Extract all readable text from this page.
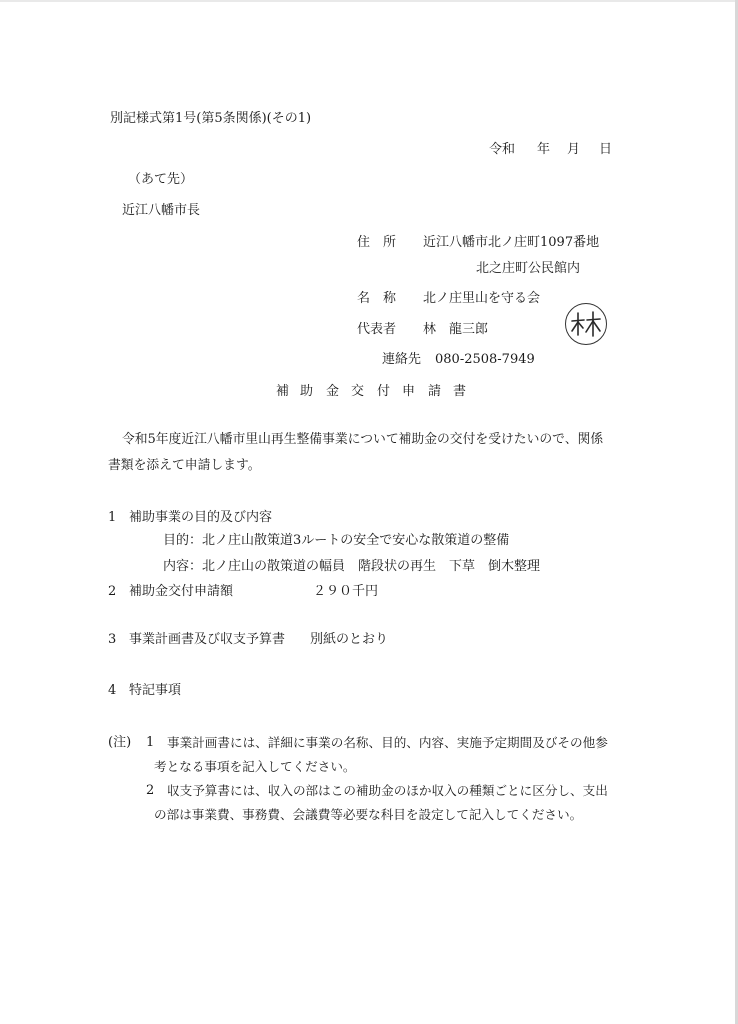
別記様式第1号(第5条関係)(その1)
令和 年 月 日
（あて先）
近江八幡市長
住　所 近江八幡市北ノ庄町1097番地
北之庄町公民館内
名　称 北ノ庄里山を守る会
代表者 林　龍三郎
連絡先 080-2508-7949
補 助 金 交 付 申 請 書
令和5年度近江八幡市里山再生整備事業について補助金の交付を受けたいので、関係
書類を添えて申請します。
1 補助事業の目的及び内容
目的：北ノ庄山散策道3ルートの安全で安心な散策道の整備
内容：北ノ庄山の散策道の幅員　階段状の再生　下草　倒木整理
2 補助金交付申請額	２９０千円
3 事業計画書及び収支予算書 別紙のとおり
4 特記事項
(注) 1 事業計画書には、詳細に事業の名称、目的、内容、実施予定期間及びその他参
考となる事項を記入してください。
2 収支予算書には、収入の部はこの補助金のほか収入の種類ごとに区分し、支出
の部は事業費、事務費、会議費等必要な科目を設定して記入してください。
